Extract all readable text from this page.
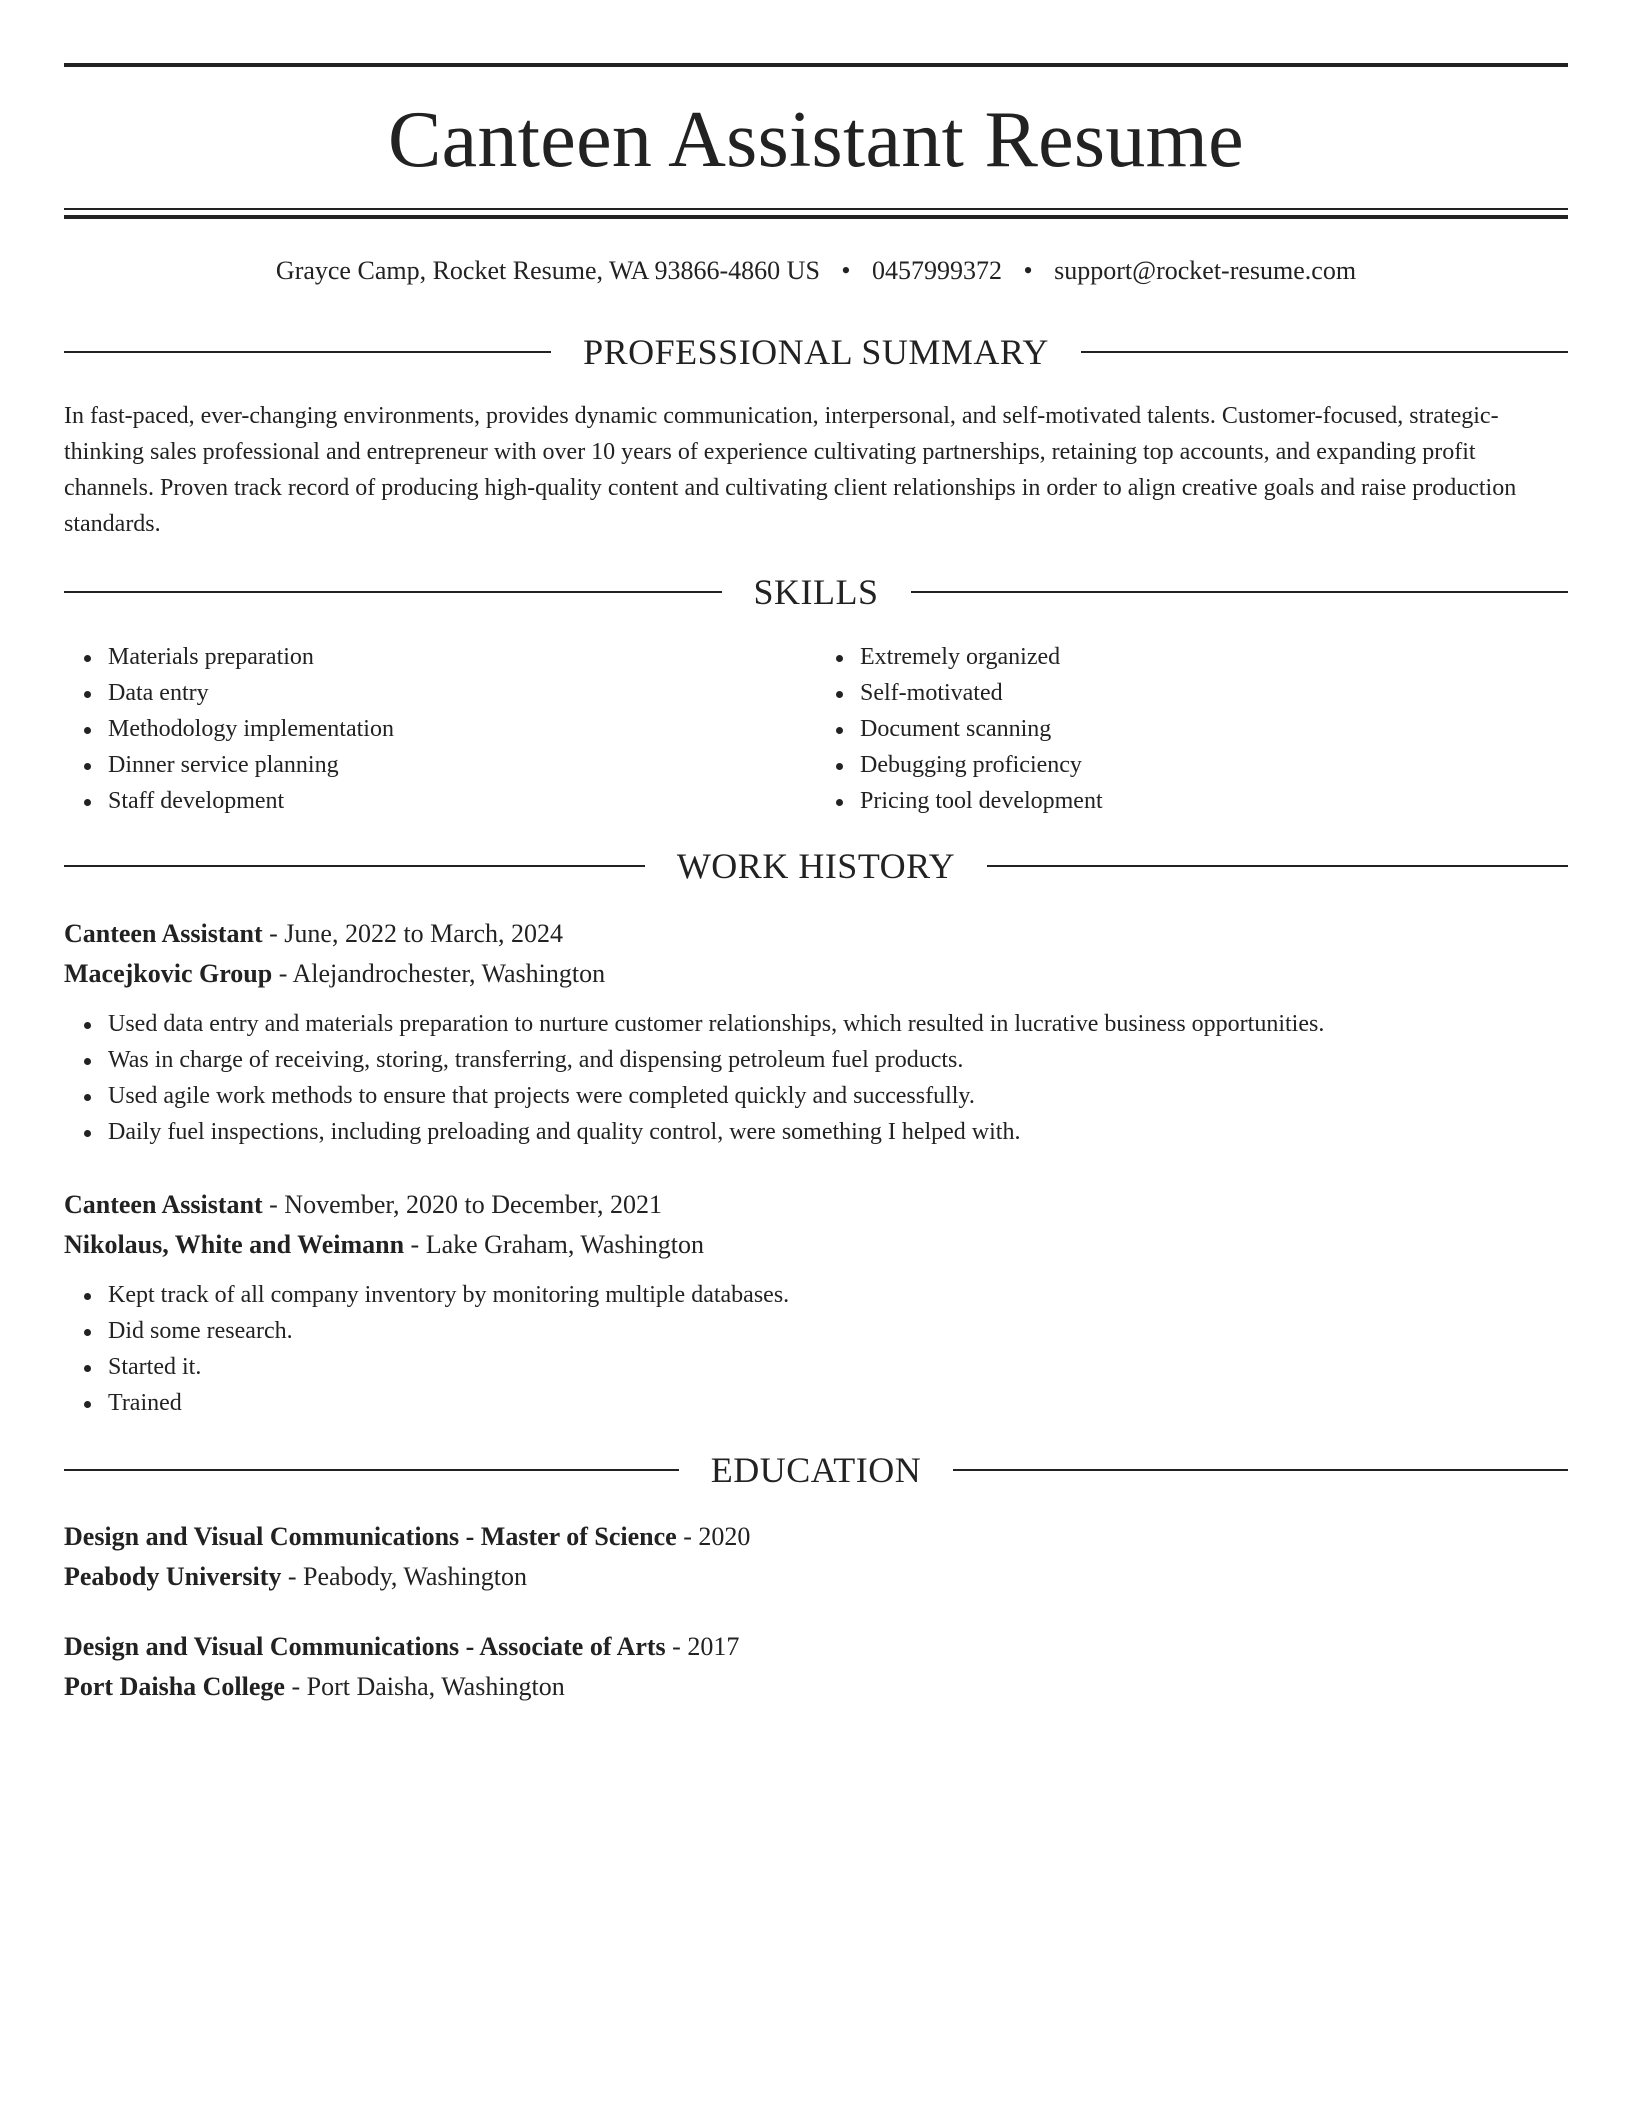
Canteen Assistant Resume
Grayce Camp, Rocket Resume, WA 93866-4860 US • 0457999372 • support@rocket-resume.com
PROFESSIONAL SUMMARY
In fast-paced, ever-changing environments, provides dynamic communication, interpersonal, and self-motivated talents. Customer-focused, strategic-thinking sales professional and entrepreneur with over 10 years of experience cultivating partnerships, retaining top accounts, and expanding profit channels. Proven track record of producing high-quality content and cultivating client relationships in order to align creative goals and raise production standards.
SKILLS
Materials preparation
Data entry
Methodology implementation
Dinner service planning
Staff development
Extremely organized
Self-motivated
Document scanning
Debugging proficiency
Pricing tool development
WORK HISTORY
Canteen Assistant - June, 2022 to March, 2024
Macejkovic Group - Alejandrochester, Washington
Used data entry and materials preparation to nurture customer relationships, which resulted in lucrative business opportunities.
Was in charge of receiving, storing, transferring, and dispensing petroleum fuel products.
Used agile work methods to ensure that projects were completed quickly and successfully.
Daily fuel inspections, including preloading and quality control, were something I helped with.
Canteen Assistant - November, 2020 to December, 2021
Nikolaus, White and Weimann - Lake Graham, Washington
Kept track of all company inventory by monitoring multiple databases.
Did some research.
Started it.
Trained
EDUCATION
Design and Visual Communications - Master of Science - 2020
Peabody University - Peabody, Washington
Design and Visual Communications - Associate of Arts - 2017
Port Daisha College - Port Daisha, Washington
